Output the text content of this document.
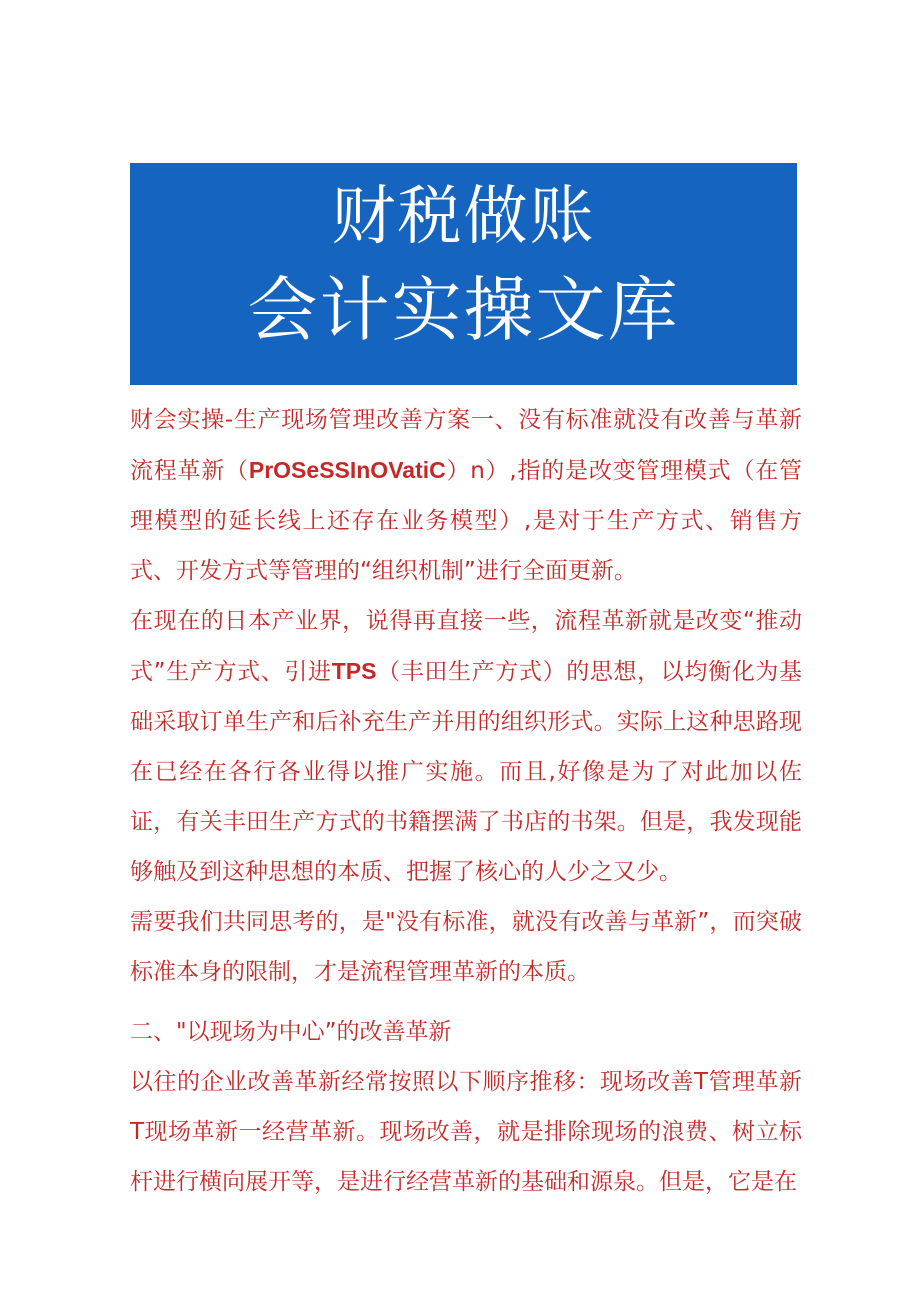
财税做账
会计实操文库

财会实操-生产现场管理改善方案一、没有标准就没有改善与革新流程革新（PrOSeSSInOVatiC）n）,指的是改变管理模式（在管理模型的延长线上还存在业务模型）,是对于生产方式、销售方式、开发方式等管理的“组织机制”进行全面更新。

在现在的日本产业界，说得再直接一些，流程革新就是改变“推动式”生产方式、引进TPS（丰田生产方式）的思想，以均衡化为基础采取订单生产和后补充生产并用的组织形式。实际上这种思路现在已经在各行各业得以推广实施。而且,好像是为了对此加以佐证，有关丰田生产方式的书籍摆满了书店的书架。但是，我发现能够触及到这种思想的本质、把握了核心的人少之又少。

需要我们共同思考的，是"没有标准，就没有改善与革新”，而突破标准本身的限制，才是流程管理革新的本质。

二、"以现场为中心”的改善革新

以往的企业改善革新经常按照以下顺序推移：现场改善T管理革新T现场革新一经营革新。现场改善，就是排除现场的浪费、树立标杆进行横向展开等，是进行经营革新的基础和源泉。但是，它是在
